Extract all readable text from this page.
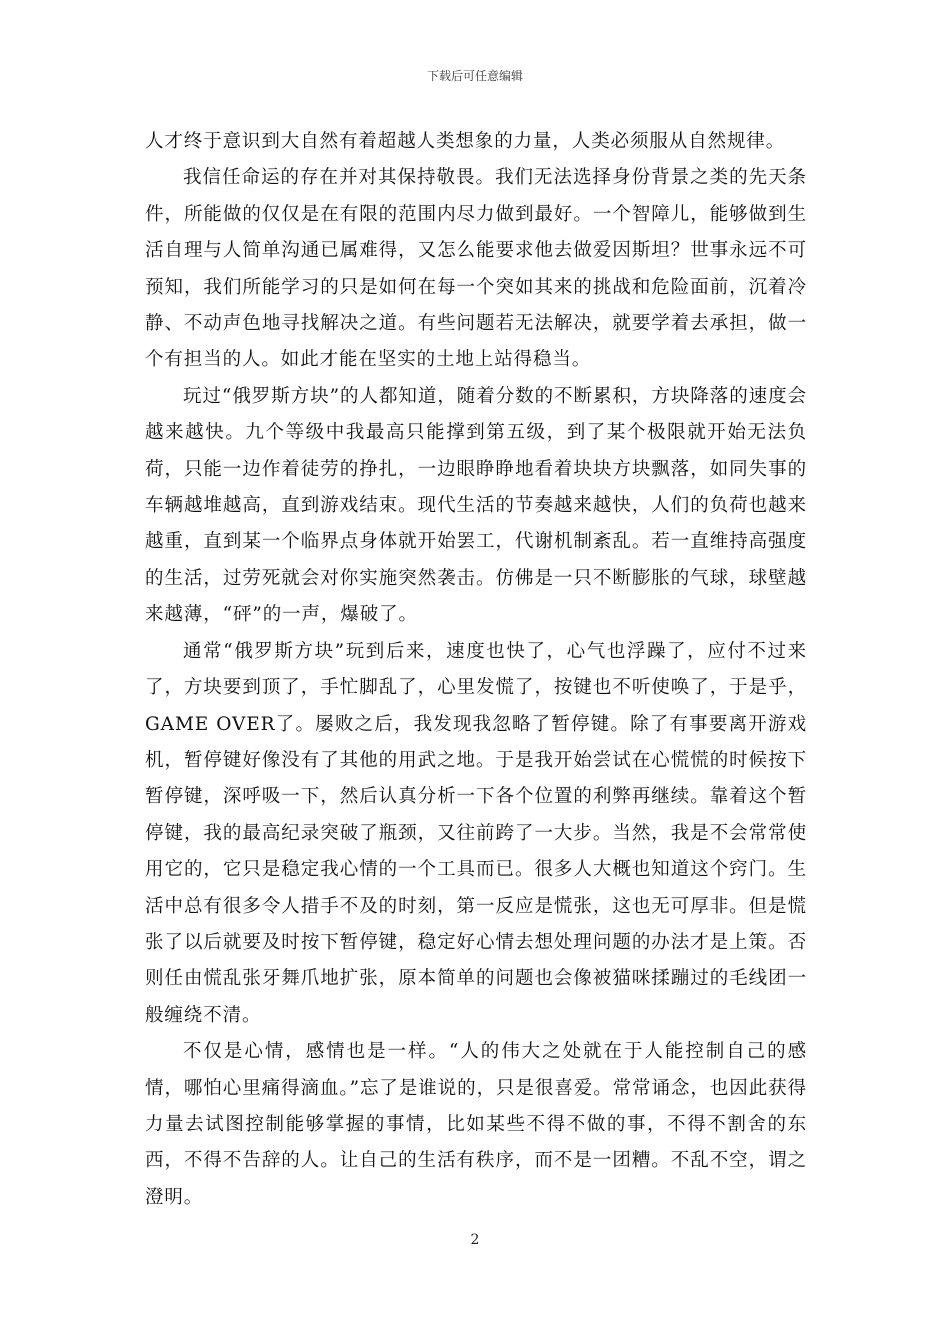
下载后可任意编辑

人才终于意识到大自然有着超越人类想象的力量，人类必须服从自然规律。

我信任命运的存在并对其保持敬畏。我们无法选择身份背景之类的先天条件，所能做的仅仅是在有限的范围内尽力做到最好。一个智障儿，能够做到生活自理与人简单沟通已属难得，又怎么能要求他去做爱因斯坦？世事永远不可预知，我们所能学习的只是如何在每一个突如其来的挑战和危险面前，沉着冷静、不动声色地寻找解决之道。有些问题若无法解决，就要学着去承担，做一个有担当的人。如此才能在坚实的土地上站得稳当。

玩过“俄罗斯方块”的人都知道，随着分数的不断累积，方块降落的速度会越来越快。九个等级中我最高只能撑到第五级，到了某个极限就开始无法负荷，只能一边作着徒劳的挣扎，一边眼睁睁地看着块块方块飘落，如同失事的车辆越堆越高，直到游戏结束。现代生活的节奏越来越快，人们的负荷也越来越重，直到某一个临界点身体就开始罢工，代谢机制紊乱。若一直维持高强度的生活，过劳死就会对你实施突然袭击。仿佛是一只不断膨胀的气球，球壁越来越薄，“砰”的一声，爆破了。

通常“俄罗斯方块”玩到后来，速度也快了，心气也浮躁了，应付不过来了，方块要到顶了，手忙脚乱了，心里发慌了，按键也不听使唤了，于是乎，GAME OVER了。屡败之后，我发现我忽略了暂停键。除了有事要离开游戏机，暂停键好像没有了其他的用武之地。于是我开始尝试在心慌慌的时候按下暂停键，深呼吸一下，然后认真分析一下各个位置的利弊再继续。靠着这个暂停键，我的最高纪录突破了瓶颈，又往前跨了一大步。当然，我是不会常常使用它的，它只是稳定我心情的一个工具而已。很多人大概也知道这个窍门。生活中总有很多令人措手不及的时刻，第一反应是慌张，这也无可厚非。但是慌张了以后就要及时按下暂停键，稳定好心情去想处理问题的办法才是上策。否则任由慌乱张牙舞爪地扩张，原本简单的问题也会像被猫咪揉蹦过的毛线团一般缠绕不清。

不仅是心情，感情也是一样。“人的伟大之处就在于人能控制自己的感情，哪怕心里痛得滴血。”忘了是谁说的，只是很喜爱。常常诵念，也因此获得力量去试图控制能够掌握的事情，比如某些不得不做的事，不得不割舍的东西，不得不告辞的人。让自己的生活有秩序，而不是一团糟。不乱不空，谓之澄明。

2
